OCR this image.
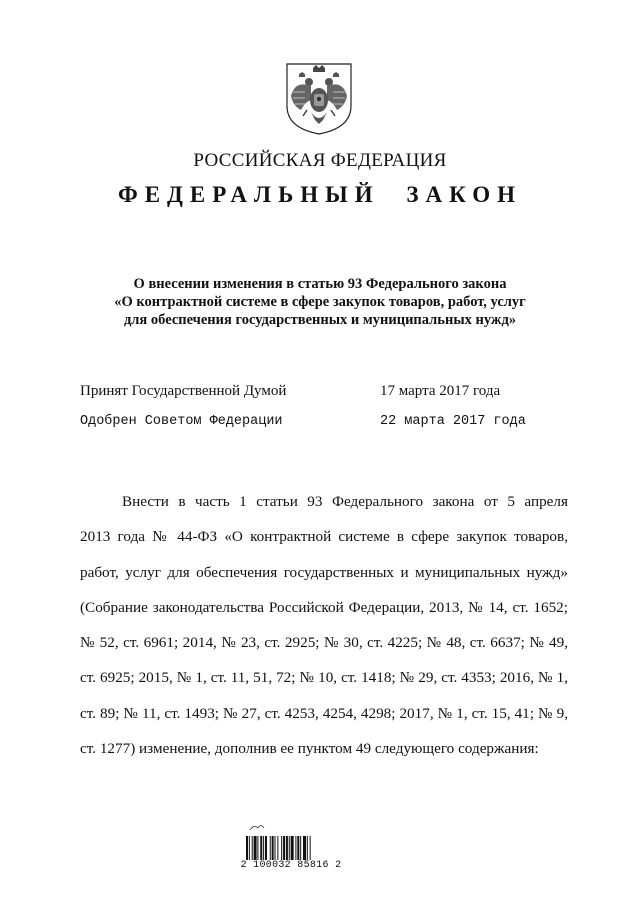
РОССИЙСКАЯ ФЕДЕРАЦИЯ
ФЕДЕРАЛЬНЫЙ ЗАКОН
О внесении изменения в статью 93 Федерального закона
«О контрактной системе в сфере закупок товаров, работ, услуг
для обеспечения государственных и муниципальных нужд»
Принят Государственной Думой	17 марта 2017 года
Одобрен Советом Федерации	22 марта 2017 года
Внести в часть 1 статьи 93 Федерального закона от 5 апреля
2013 года № 44-ФЗ «О контрактной системе в сфере закупок товаров,
работ, услуг для обеспечения государственных и муниципальных нужд»
(Собрание законодательства Российской Федерации, 2013, № 14, ст. 1652;
№ 52, ст. 6961; 2014, № 23, ст. 2925; № 30, ст. 4225; № 48, ст. 6637; № 49,
ст. 6925; 2015, № 1, ст. 11, 51, 72; № 10, ст. 1418; № 29, ст. 4353; 2016, № 1,
ст. 89; № 11, ст. 1493; № 27, ст. 4253, 4254, 4298; 2017, № 1, ст. 15, 41; № 9,
ст. 1277) изменение, дополнив ее пунктом 49 следующего содержания:
2 100032 85816 2
